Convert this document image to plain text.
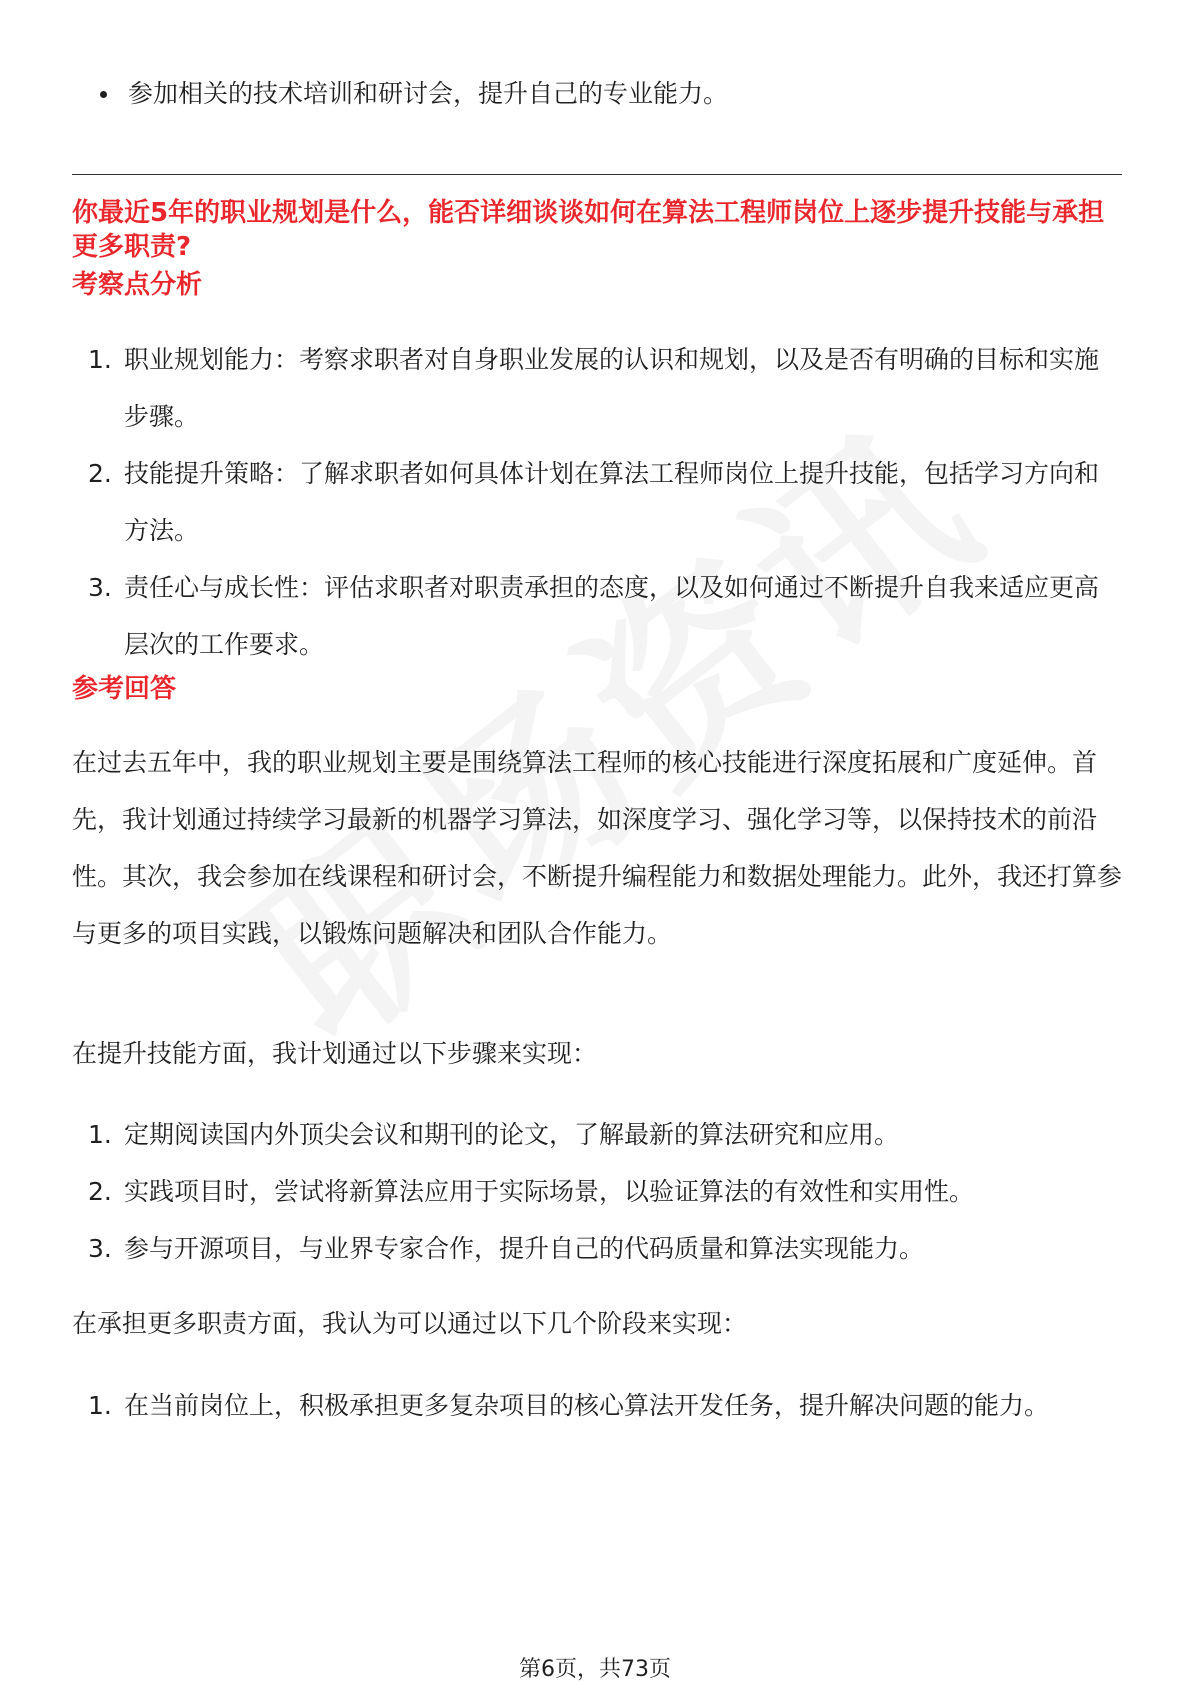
参加相关的技术培训和研讨会，提升自己的专业能力。
你最近5年的职业规划是什么，能否详细谈谈如何在算法工程师岗位上逐步提升技能与承担更多职责?
考察点分析
1. 职业规划能力：考察求职者对自身职业发展的认识和规划，以及是否有明确的目标和实施步骤。
2. 技能提升策略：了解求职者如何具体计划在算法工程师岗位上提升技能，包括学习方向和方法。
3. 责任心与成长性：评估求职者对职责承担的态度，以及如何通过不断提升自我来适应更高层次的工作要求。
参考回答

在过去五年中，我的职业规划主要是围绕算法工程师的核心技能进行深度拓展和广度延伸。首先，我计划通过持续学习最新的机器学习算法，如深度学习、强化学习等，以保持技术的前沿性。其次，我会参加在线课程和研讨会，不断提升编程能力和数据处理能力。此外，我还打算参与更多的项目实践，以锻炼问题解决和团队合作能力。

在提升技能方面，我计划通过以下步骤来实现：

1. 定期阅读国内外顶尖会议和期刊的论文，了解最新的算法研究和应用。
2. 实践项目时，尝试将新算法应用于实际场景，以验证算法的有效性和实用性。
3. 参与开源项目，与业界专家合作，提升自己的代码质量和算法实现能力。

在承担更多职责方面，我认为可以通过以下几个阶段来实现：

1. 在当前岗位上，积极承担更多复杂项目的核心算法开发任务，提升解决问题的能力。
第6页，共73页
